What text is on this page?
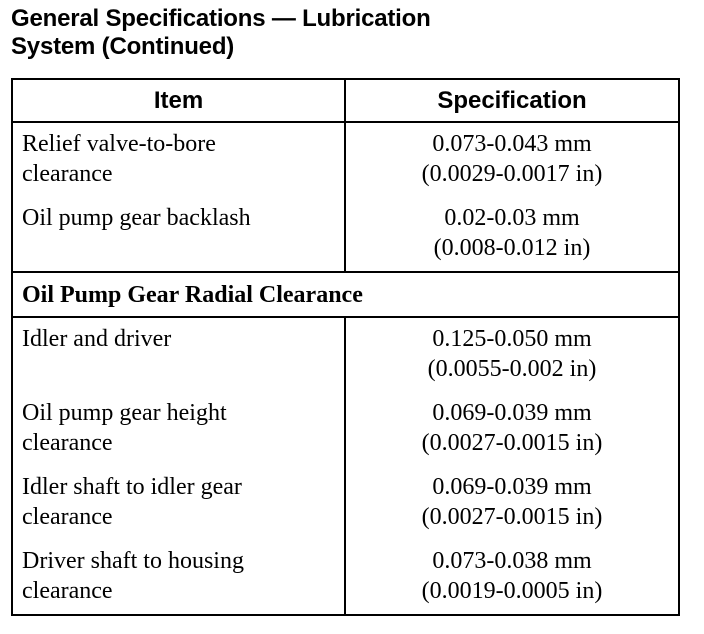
General Specifications — Lubrication
System (Continued)
Item	Specification

Relief valve-to-bore
clearance	0.073-0.043 mm
(0.0029-0.0017 in)

Oil pump gear backlash	0.02-0.03 mm
(0.008-0.012 in)

Oil Pump Gear Radial Clearance	

Idler and driver	0.125-0.050 mm
(0.0055-0.002 in)

Oil pump gear height
clearance	0.069-0.039 mm
(0.0027-0.0015 in)

Idler shaft to idler gear
clearance	0.069-0.039 mm
(0.0027-0.0015 in)

Driver shaft to housing
clearance	0.073-0.038 mm
(0.0019-0.0005 in)
